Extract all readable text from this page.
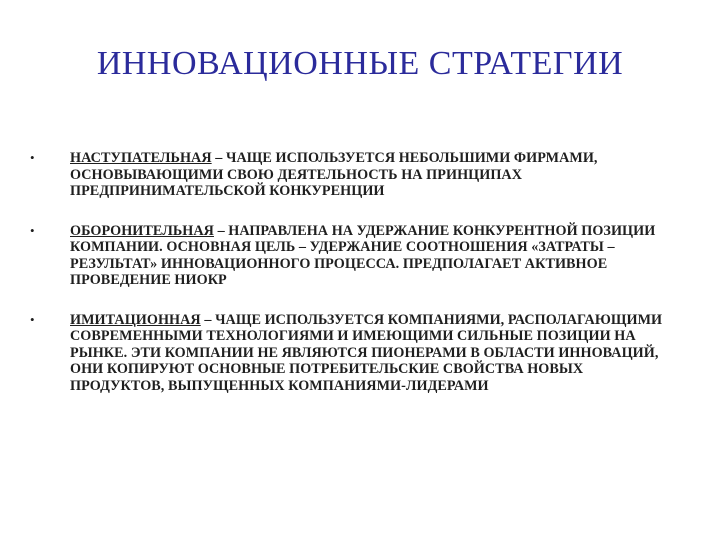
ИННОВАЦИОННЫЕ СТРАТЕГИИ
•	НАСТУПАТЕЛЬНАЯ – ЧАЩЕ ИСПОЛЬЗУЕТСЯ НЕБОЛЬШИМИ ФИРМАМИ, ОСНОВЫВАЮЩИМИ СВОЮ ДЕЯТЕЛЬНОСТЬ НА ПРИНЦИПАХ ПРЕДПРИНИМАТЕЛЬСКОЙ КОНКУРЕНЦИИ
•	ОБОРОНИТЕЛЬНАЯ – НАПРАВЛЕНА НА УДЕРЖАНИЕ КОНКУРЕНТНОЙ ПОЗИЦИИ КОМПАНИИ. ОСНОВНАЯ ЦЕЛЬ – УДЕРЖАНИЕ СООТНОШЕНИЯ «ЗАТРАТЫ – РЕЗУЛЬТАТ» ИННОВАЦИОННОГО ПРОЦЕССА. ПРЕДПОЛАГАЕТ АКТИВНОЕ ПРОВЕДЕНИЕ НИОКР
•	ИМИТАЦИОННАЯ – ЧАЩЕ ИСПОЛЬЗУЕТСЯ КОМПАНИЯМИ, РАСПОЛАГАЮЩИМИ СОВРЕМЕННЫМИ ТЕХНОЛОГИЯМИ И ИМЕЮЩИМИ СИЛЬНЫЕ ПОЗИЦИИ НА РЫНКЕ. ЭТИ КОМПАНИИ НЕ ЯВЛЯЮТСЯ ПИОНЕРАМИ В ОБЛАСТИ ИННОВАЦИЙ, ОНИ КОПИРУЮТ ОСНОВНЫЕ ПОТРЕБИТЕЛЬСКИЕ СВОЙСТВА НОВЫХ ПРОДУКТОВ, ВЫПУЩЕННЫХ КОМПАНИЯМИ-ЛИДЕРАМИ
